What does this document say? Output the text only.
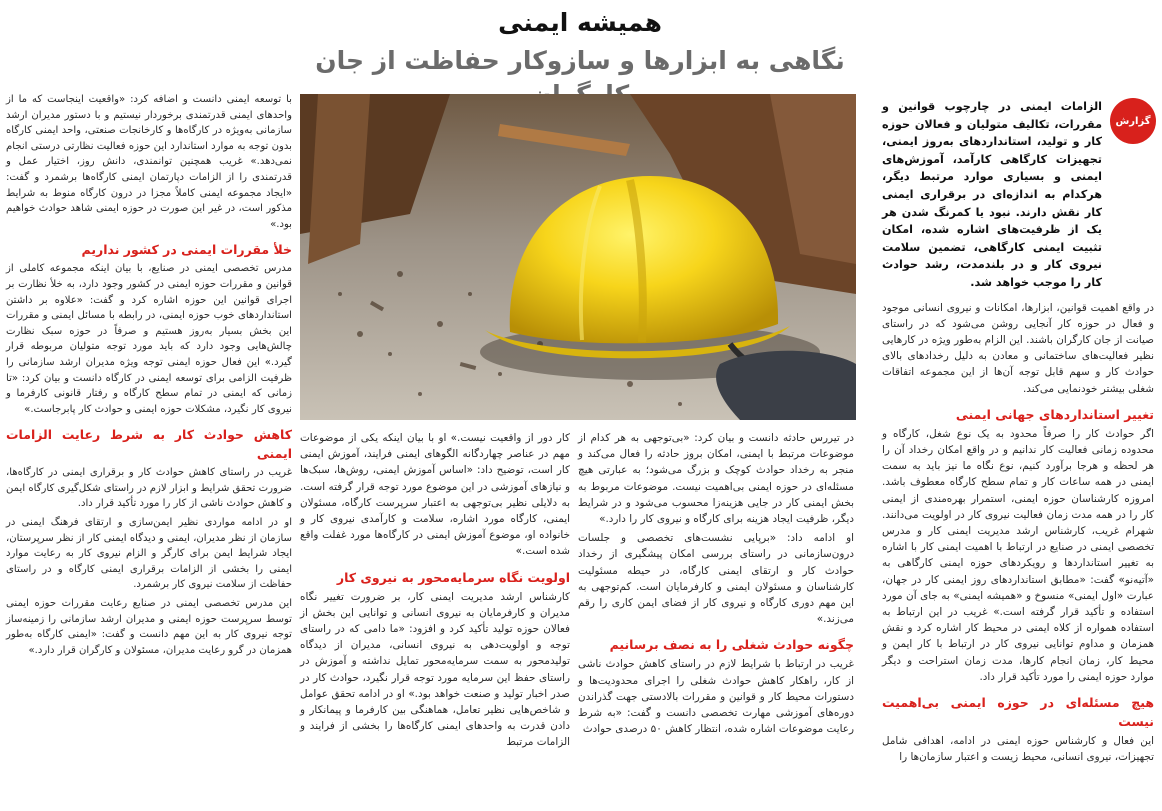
همیشه ایمنی
نگاهی به ابزارها و سازوکار حفاظت از جان
گزارش

الزامات ایمنی در چارچوب قوانین و مقررات، تکالیف متولیان و فعالان حوزه کار و تولید، استانداردهای به‌روز ایمنی، تجهیزات کارگاهی کارآمد، آموزش‌های ایمنی و بسیاری موارد مرتبط دیگر، هرکدام به اندازه‌ای در برقراری ایمنی کار نقش دارند. نبود یا کمرنگ شدن هر یک از ظرفیت‌های اشاره شده، امکان تثبیت ایمنی کارگاهی، تضمین سلامت نیروی کار و در بلندمدت، رشد حوادث کار را موجب خواهد شد.

در واقع اهمیت قوانین، ابزارها، امکانات و نیروی انسانی موجود و فعال در حوزه کار آنجایی روشن می‌شود که در راستای صیانت از جان کارگران باشند. این الزام به‌طور ویژه در کارهایی نظیر فعالیت‌های ساختمانی و معادن به دلیل رخدادهای بالای حوادث کار و سهم قابل توجه آن‌ها از این مجموعه اتفاقات شغلی بیشتر خودنمایی می‌کند.

تغییر استانداردهای جهانی ایمنی

اگر حوادث کار را صرفاً محدود به یک نوع شغل، کارگاه و محدوده زمانی فعالیت کار ندانیم و در واقع امکان رخداد آن را هر لحظه و هرجا برآورد کنیم، نوع نگاه ما نیز باید به سمت ایمنی در همه ساعات کار و تمام سطح کارگاه معطوف باشد. امروزه کارشناسان حوزه ایمنی، استمرار بهره‌مندی از ایمنی کار را در همه مدت زمان فعالیت نیروی کار در اولویت می‌دانند. شهرام غریب، کارشناس ارشد مدیریت ایمنی کار و مدرس تخصصی ایمنی در صنایع در ارتباط با اهمیت ایمنی کار با اشاره به تغییر استانداردها و رویکردهای حوزه ایمنی کارگاهی به «آتیه‌نو» گفت: «مطابق استانداردهای روز ایمنی کار در جهان، عبارت «اول ایمنی» منسوخ و «همیشه ایمنی» به جای آن مورد استفاده و تأکید قرار گرفته است.» غریب در این ارتباط به استفاده همواره از کلاه ایمنی در محیط کار اشاره کرد و نقش همزمان و مداوم توانایی نیروی کار در ارتباط با کار ایمن و محیط کار، زمان انجام کارها، مدت زمان استراحت و دیگر موارد حوزه ایمنی را مورد تأکید قرار داد.

هیچ مسئله‌ای در حوزه ایمنی بی‌اهمیت نیست

این فعال و کارشناس حوزه ایمنی در ادامه، اهدافی شامل تجهیزات، نیروی انسانی، محیط زیست و اعتبار سازمان‌ها را

در تیررس حادثه دانست و بیان کرد: «بی‌توجهی به هر کدام از موضوعات مرتبط با ایمنی، امکان بروز حادثه را فعال می‌کند و منجر به رخداد حوادث کوچک و بزرگ می‌شود؛ به عبارتی هیچ مسئله‌ای در حوزه ایمنی بی‌اهمیت نیست. موضوعات مربوط به بخش ایمنی کار در جایی هزینه‌زا محسوب می‌شود و در شرایط دیگر، ظرفیت ایجاد هزینه برای کارگاه و نیروی کار را دارد.»

او ادامه داد: «برپایی نشست‌های تخصصی و جلسات درون‌سازمانی در راستای بررسی امکان پیشگیری از رخداد حوادث کار و ارتقای ایمنی کارگاه، در حیطه مسئولیت کارشناسان و مسئولان ایمنی و کارفرمایان است. کم‌توجهی به این مهم دوری کارگاه و نیروی کار از فضای ایمن کاری را رقم می‌زند.»

چگونه حوادث شغلی را به نصف برسانیم

غریب در ارتباط با شرایط لازم در راستای کاهش حوادث ناشی از کار، راهکار کاهش حوادث شغلی را اجرای محدودیت‌ها و دستورات محیط کار و قوانین و مقررات بالادستی جهت گذراندن دوره‌های آموزشی مهارت تخصصی دانست و گفت: «به شرط رعایت موضوعات اشاره شده، انتظار کاهش ۵۰ درصدی حوادث

کار دور از واقعیت نیست.» او با بیان اینکه یکی از موضوعات مهم در عناصر چهاردگانه الگوهای ایمنی فرایند، آموزش ایمنی کار است، توضیح داد: «اساس آموزش ایمنی، روش‌ها، سبک‌ها و نیازهای آموزشی در این موضوع مورد توجه قرار گرفته است. به دلایلی نظیر بی‌توجهی به اعتبار سرپرست کارگاه، مسئولان ایمنی، کارگاه مورد اشاره، سلامت و کارآمدی نیروی کار و خانواده او، موضوع آموزش ایمنی در کارگاه‌ها مورد غفلت واقع شده است.»

اولویت نگاه سرمایه‌محور به نیروی کار

کارشناس ارشد مدیریت ایمنی کار، بر ضرورت تغییر نگاه مدیران و کارفرمایان به نیروی انسانی و توانایی این بخش از فعالان حوزه تولید تأکید کرد و افزود: «ما دامی که در راستای توجه و اولویت‌دهی به نیروی انسانی، مدیران از دیدگاه تولیدمحور به سمت سرمایه‌محور تمایل نداشته و آموزش در راستای حفظ این سرمایه مورد توجه قرار نگیرد، حوادث کار در صدر اخبار تولید و صنعت خواهد بود.» او در ادامه تحقق عوامل و شاخص‌هایی نظیر تعامل، هماهنگی بین کارفرما و پیمانکار و دادن قدرت به واحدهای ایمنی کارگاه‌ها را بخشی از فرایند و الزامات مرتبط

با توسعه ایمنی دانست و اضافه کرد: «واقعیت اینجاست که ما از واحدهای ایمنی قدرتمندی برخوردار نیستیم و با دستور مدیران ارشد سازمانی به‌ویژه در کارگاه‌ها و کارخانجات صنعتی، واحد ایمنی کارگاه بدون توجه به موارد استاندارد این حوزه فعالیت نظارتی درستی انجام نمی‌دهد.» غریب همچنین توانمندی، دانش روز، اختیار عمل و قدرتمندی را از الزامات دپارتمان ایمنی کارگاه‌ها برشمرد و گفت: «ایجاد مجموعه ایمنی کاملاً مجزا در درون کارگاه منوط به شرایط مذکور است، در غیر این صورت در حوزه ایمنی شاهد حوادث خواهیم بود.»

خلأ مقررات ایمنی در کشور نداریم

مدرس تخصصی ایمنی در صنایع، با بیان اینکه مجموعه کاملی از قوانین و مقررات حوزه ایمنی در کشور وجود دارد، به خلأ نظارت بر اجرای قوانین این حوزه اشاره کرد و گفت: «علاوه بر داشتن استانداردهای خوب حوزه ایمنی، در رابطه با مسائل ایمنی و مقررات این بخش بسیار به‌روز هستیم و صرفاً در حوزه سبک نظارت چالش‌هایی وجود دارد که باید مورد توجه متولیان مربوطه قرار گیرد.» این فعال حوزه ایمنی توجه ویژه مدیران ارشد سازمانی را ظرفیت الزامی برای توسعه ایمنی در کارگاه دانست و بیان کرد: «تا زمانی که ایمنی در تمام سطح کارگاه و رفتار قانونی کارفرما و نیروی کار نگیرد، مشکلات حوزه ایمنی و حوادث کار پابرجاست.»

کاهش حوادث کار به شرط رعایت الزامات ایمنی

غریب در راستای کاهش حوادث کار و برقراری ایمنی در کارگاه‌ها، ضرورت تحقق شرایط و ابزار لازم در راستای شکل‌گیری کارگاه ایمن و کاهش حوادث ناشی از کار را مورد تأکید قرار داد.

او در ادامه مواردی نظیر ایمن‌سازی و ارتقای فرهنگ ایمنی در سازمان از نظر مدیران، ایمنی و دیدگاه ایمنی کار از نظر سرپرستان، ایجاد شرایط ایمن برای کارگر و الزام نیروی کار به رعایت موارد ایمنی را بخشی از الزامات برقراری ایمنی کارگاه و در راستای حفاظت از سلامت نیروی کار برشمرد.

این مدرس تخصصی ایمنی در صنایع رعایت مقررات حوزه ایمنی توسط سرپرست حوزه ایمنی و مدیران ارشد سازمانی را زمینه‌ساز توجه نیروی کار به این مهم دانست و گفت: «ایمنی کارگاه به‌طور همزمان در گرو رعایت مدیران، مسئولان و کارگران قرار دارد.»
